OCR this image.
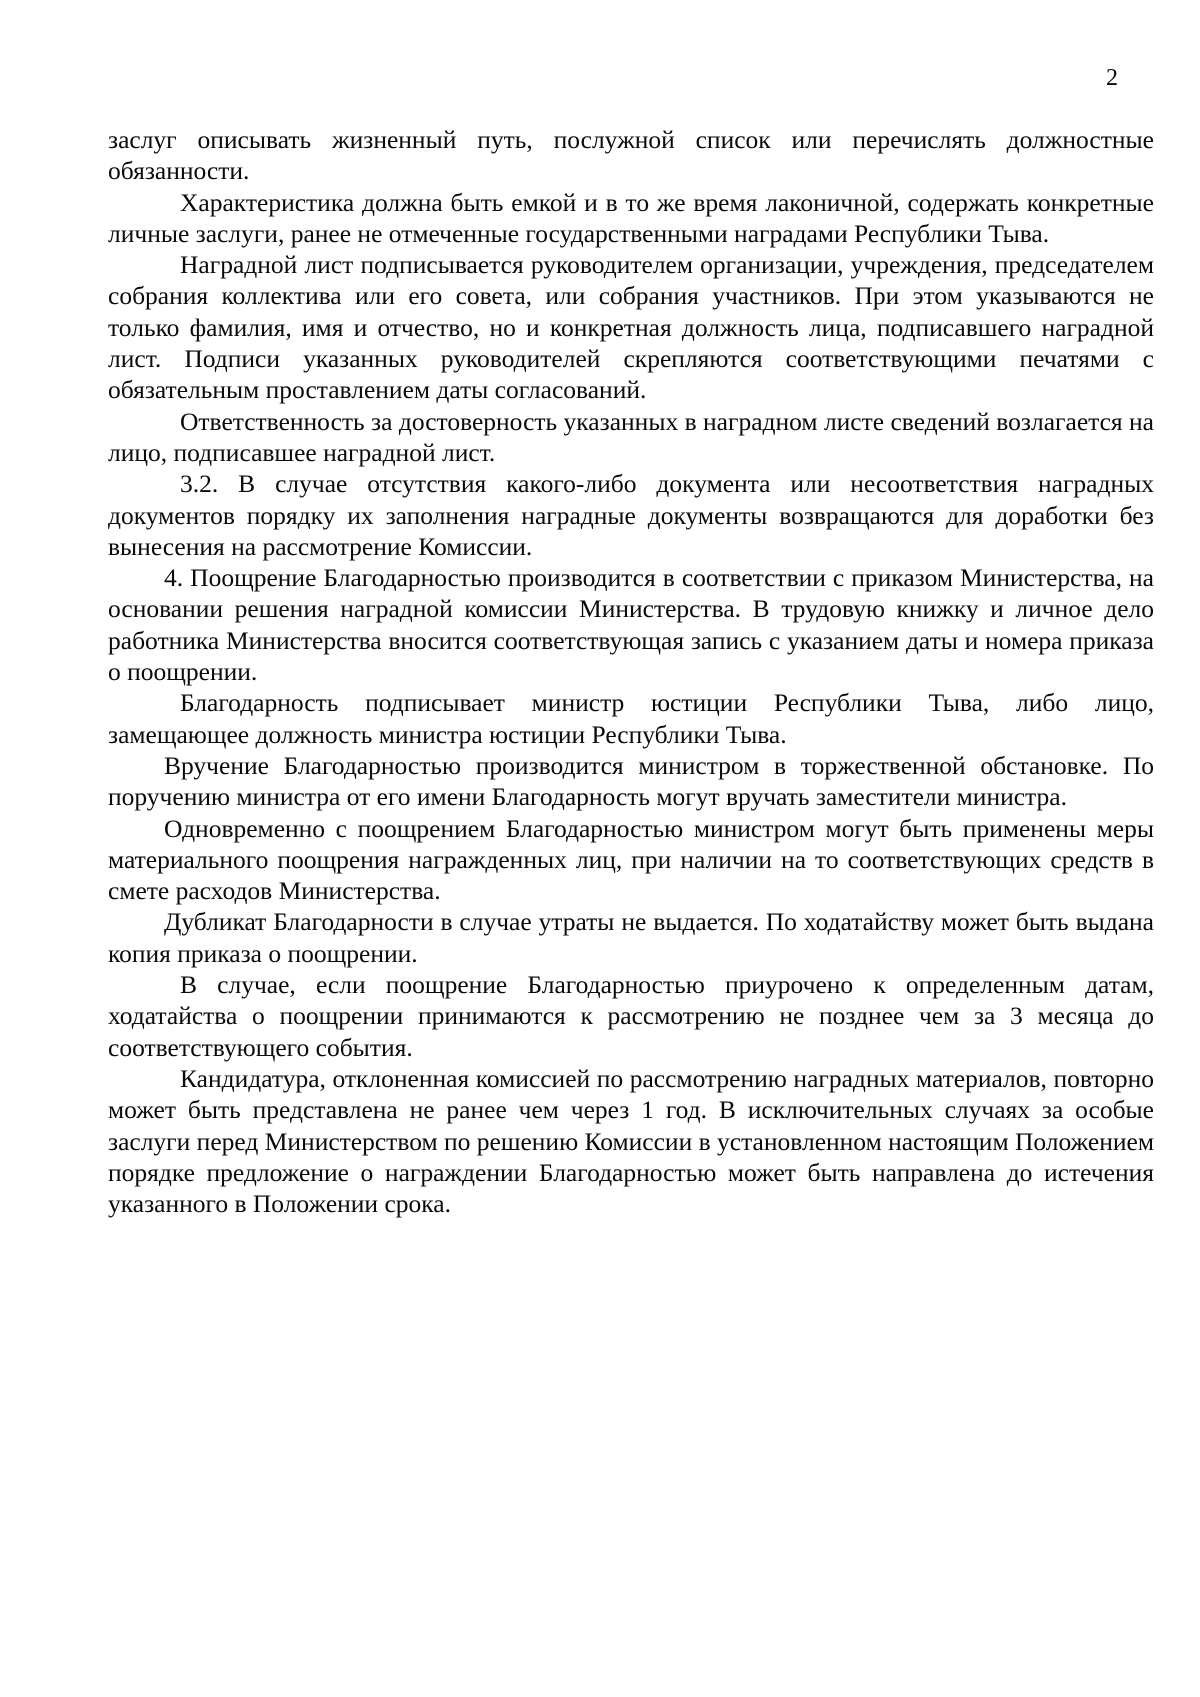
2

заслуг описывать жизненный путь, послужной список или перечислять должностные обязанности.

Характеристика должна быть емкой и в то же время лаконичной, содержать конкретные личные заслуги, ранее не отмеченные государственными наградами Республики Тыва.

Наградной лист подписывается руководителем организации, учреждения, председателем собрания коллектива или его совета, или собрания участников. При этом указываются не только фамилия, имя и отчество, но и конкретная должность лица, подписавшего наградной лист. Подписи указанных руководителей скрепляются соответствующими печатями с обязательным проставлением даты согласований.

Ответственность за достоверность указанных в наградном листе сведений возлагается на лицо, подписавшее наградной лист.

3.2. В случае отсутствия какого-либо документа или несоответствия наградных документов порядку их заполнения наградные документы возвращаются для доработки без вынесения на рассмотрение Комиссии.

4. Поощрение Благодарностью производится в соответствии с приказом Министерства, на основании решения наградной комиссии Министерства. В трудовую книжку и личное дело работника Министерства вносится соответствующая запись с указанием даты и номера приказа о поощрении.

Благодарность подписывает министр юстиции Республики Тыва, либо лицо, замещающее должность министра юстиции Республики Тыва.

Вручение Благодарностью производится министром в торжественной обстановке. По поручению министра от его имени Благодарность могут вручать заместители министра.

Одновременно с поощрением Благодарностью министром могут быть применены меры материального поощрения награжденных лиц, при наличии на то соответствующих средств в смете расходов Министерства.

Дубликат Благодарности в случае утраты не выдается. По ходатайству может быть выдана копия приказа о поощрении.

В случае, если поощрение Благодарностью приурочено к определенным датам, ходатайства о поощрении принимаются к рассмотрению не позднее чем за 3 месяца до соответствующего события.

Кандидатура, отклоненная комиссией по рассмотрению наградных материалов, повторно может быть представлена не ранее чем через 1 год. В исключительных случаях за особые заслуги перед Министерством по решению Комиссии в установленном настоящим Положением порядке предложение о награждении Благодарностью может быть направлена до истечения указанного в Положении срока.
